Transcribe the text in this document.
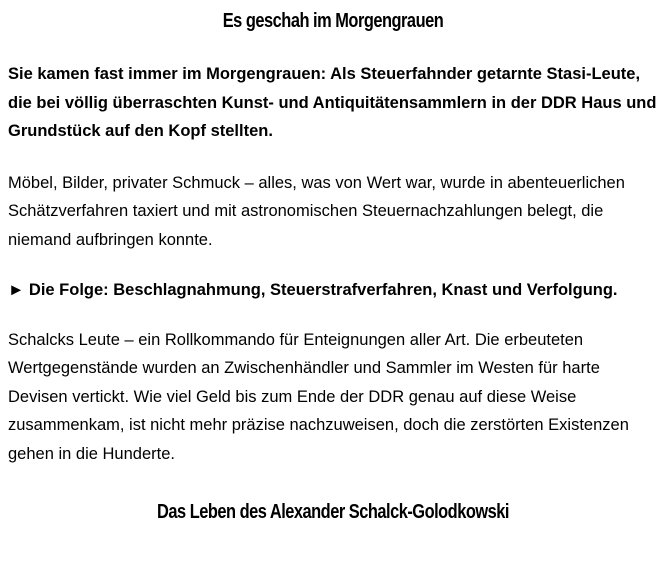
Es geschah im Morgengrauen

Sie kamen fast immer im Morgengrauen: Als Steuerfahnder getarnte Stasi-Leute, die bei völlig überraschten Kunst- und Antiquitätensammlern in der DDR Haus und Grundstück auf den Kopf stellten.

Möbel, Bilder, privater Schmuck – alles, was von Wert war, wurde in abenteuerlichen Schätzverfahren taxiert und mit astronomischen Steuernachzahlungen belegt, die niemand aufbringen konnte.

► Die Folge: Beschlagnahmung, Steuerstrafverfahren, Knast und Verfolgung.

Schalcks Leute – ein Rollkommando für Enteignungen aller Art. Die erbeuteten Wertgegenstände wurden an Zwischenhändler und Sammler im Westen für harte Devisen vertickt. Wie viel Geld bis zum Ende der DDR genau auf diese Weise zusammenkam, ist nicht mehr präzise nachzuweisen, doch die zerstörten Existenzen gehen in die Hunderte.

Das Leben des Alexander Schalck-Golodkowski
